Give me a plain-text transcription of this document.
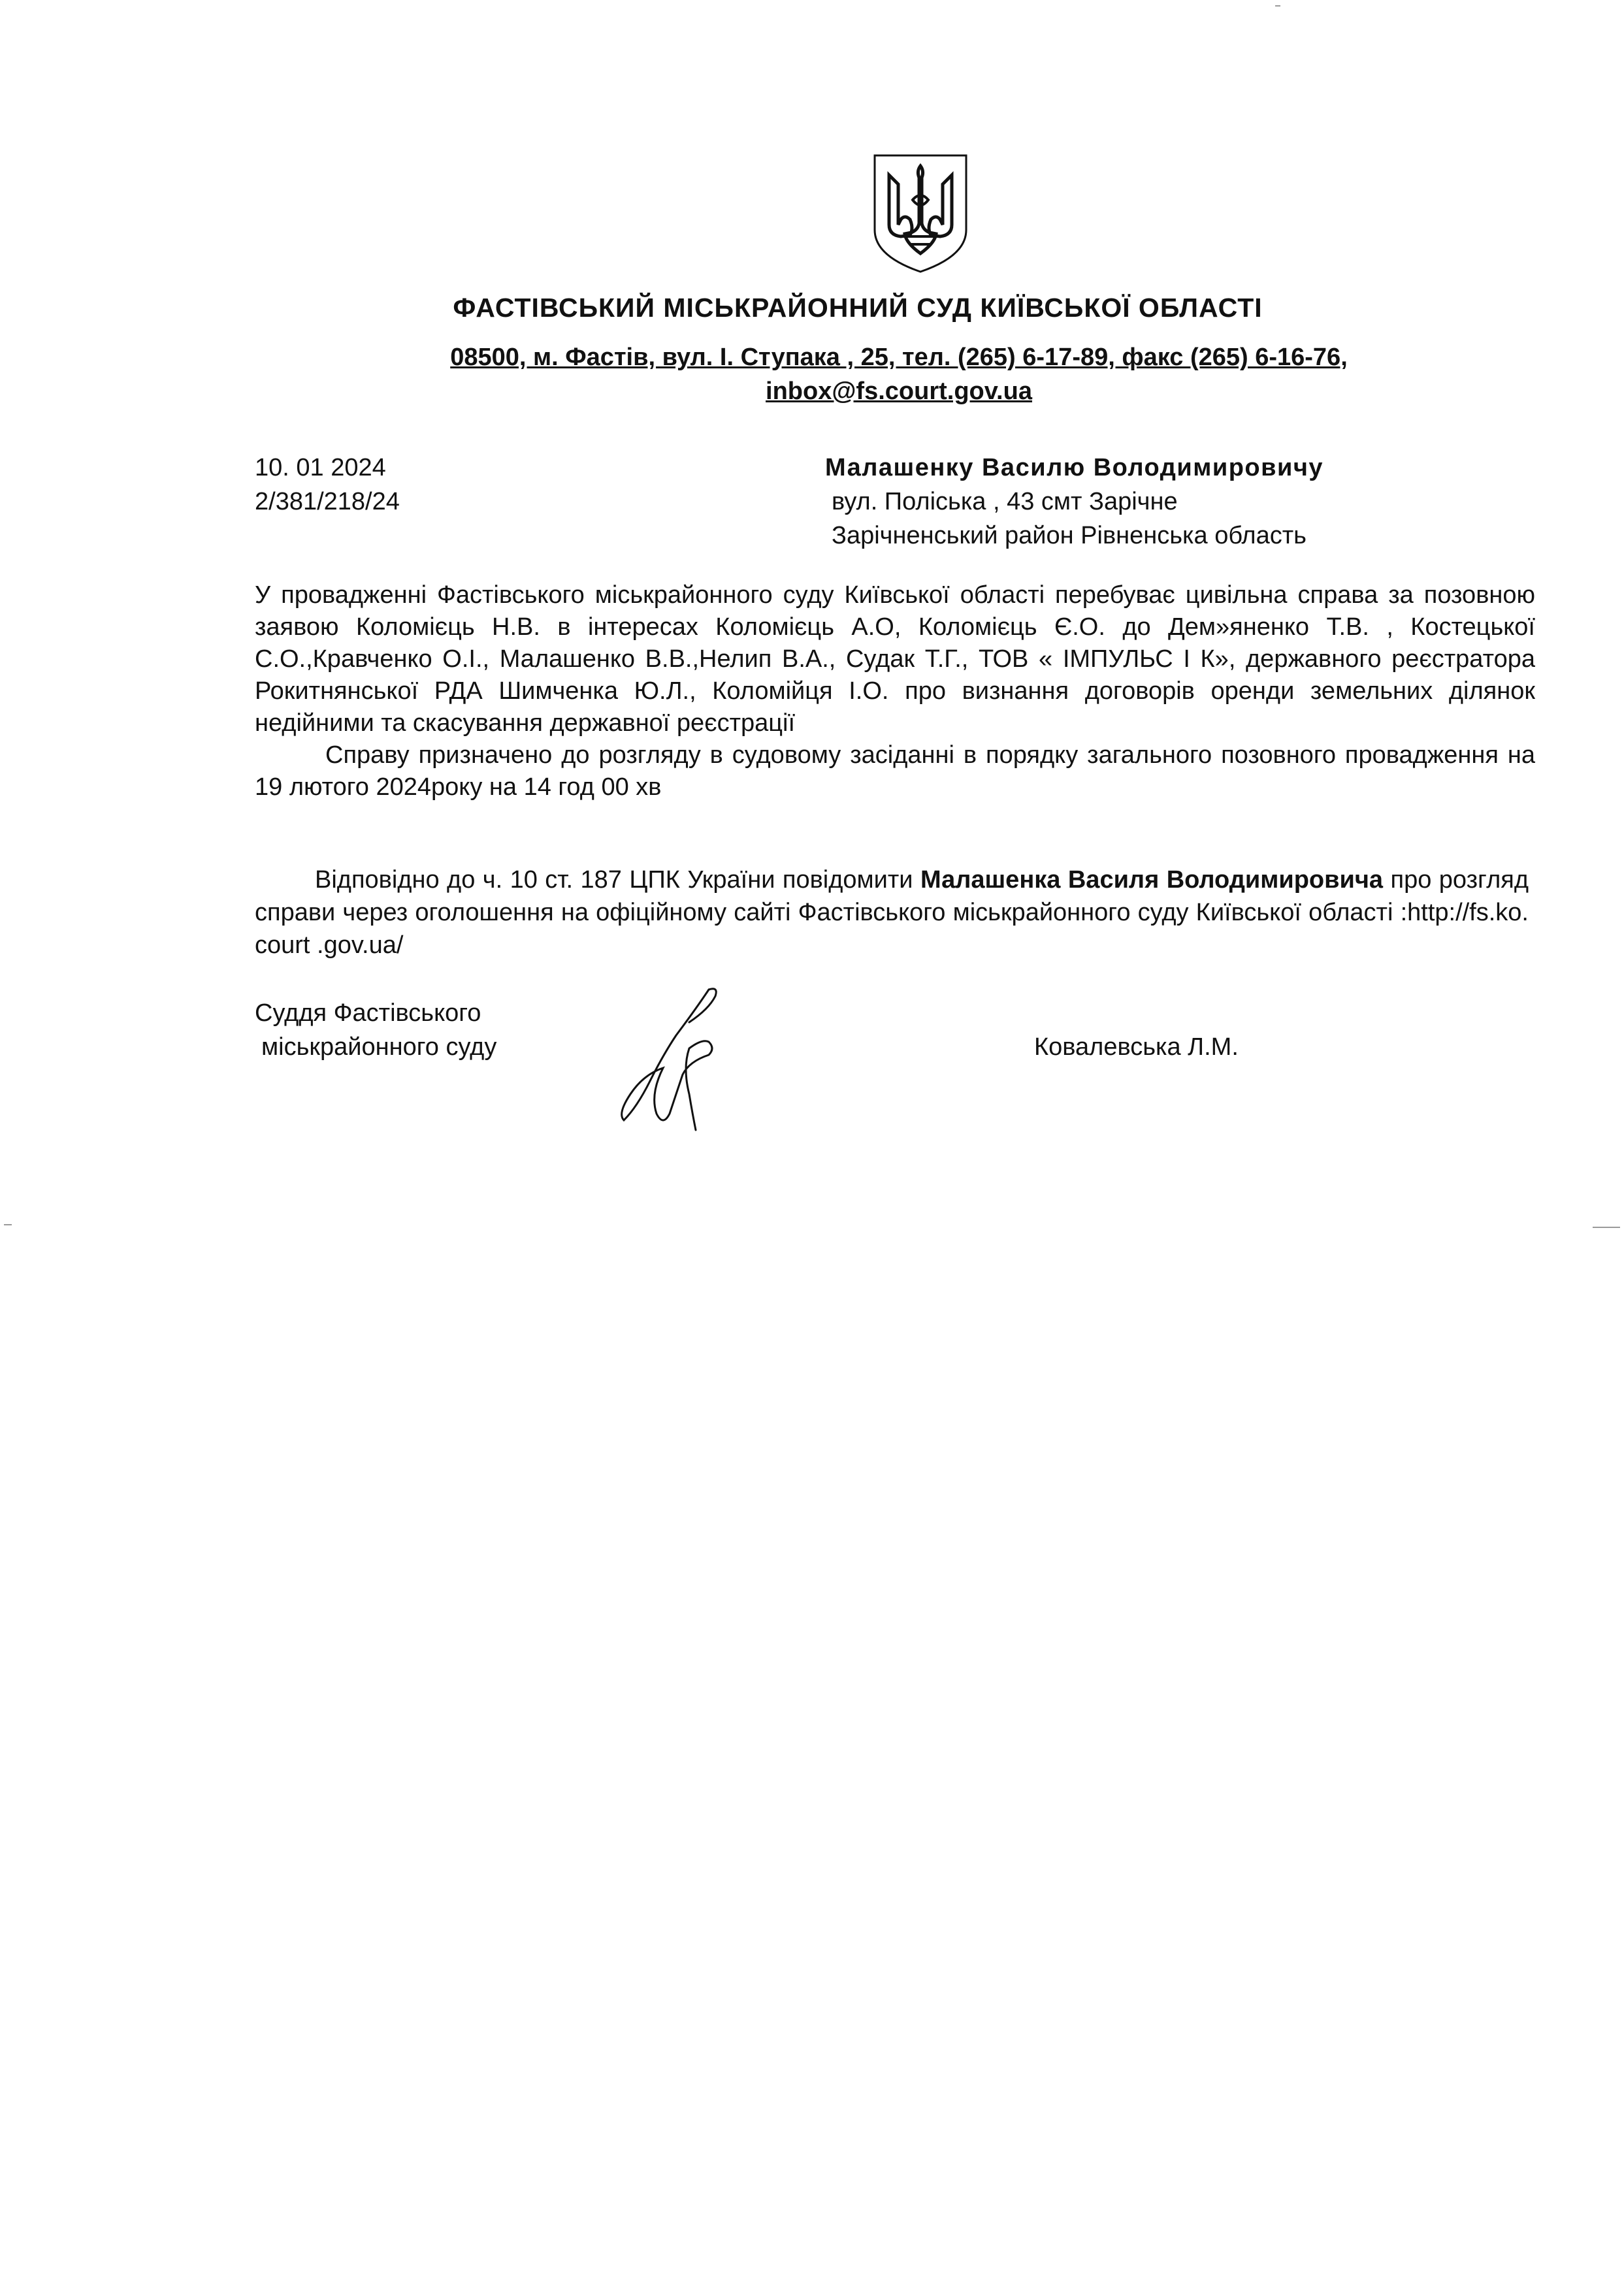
ФАСТІВСЬКИЙ МІСЬКРАЙОННИЙ СУД КИЇВСЬКОЇ ОБЛАСТІ
08500, м. Фастів, вул. І. Ступака , 25, тел. (265) 6-17-89, факс (265) 6-16-76,
inbox@fs.court.gov.ua
10. 01 2024
2/381/218/24
Малашенку Василю Володимировичу
вул. Поліська , 43 смт Зарічне
Зарічненський район Рівненська область

У провадженні Фастівського міськрайонного суду Київської області перебуває цивільна справа за позовною заявою Коломієць Н.В. в інтересах Коломієць А.О, Коломієць Є.О. до Дем»яненко Т.В. , Костецької С.О.,Кравченко О.І., Малашенко В.В.,Нелип В.А., Судак Т.Г., ТОВ « ІМПУЛЬС І К», державного реєстратора Рокитнянської РДА Шимченка Ю.Л., Коломійця І.О. про визнання договорів оренди земельних ділянок недійними та скасування державної реєстрації

Справу призначено до розгляду в судовому засіданні в порядку загального позовного провадження на 19 лютого 2024року на 14 год 00 хв

Відповідно до ч. 10 ст. 187 ЦПК України повідомити Малашенка Василя Володимировича про розгляд справи через оголошення на офіційному сайті Фастівського міськрайонного суду Київської області :http://fs.ko. court .gov.ua/

Суддя Фастівського
міськрайонного суду	Ковалевська Л.М.
